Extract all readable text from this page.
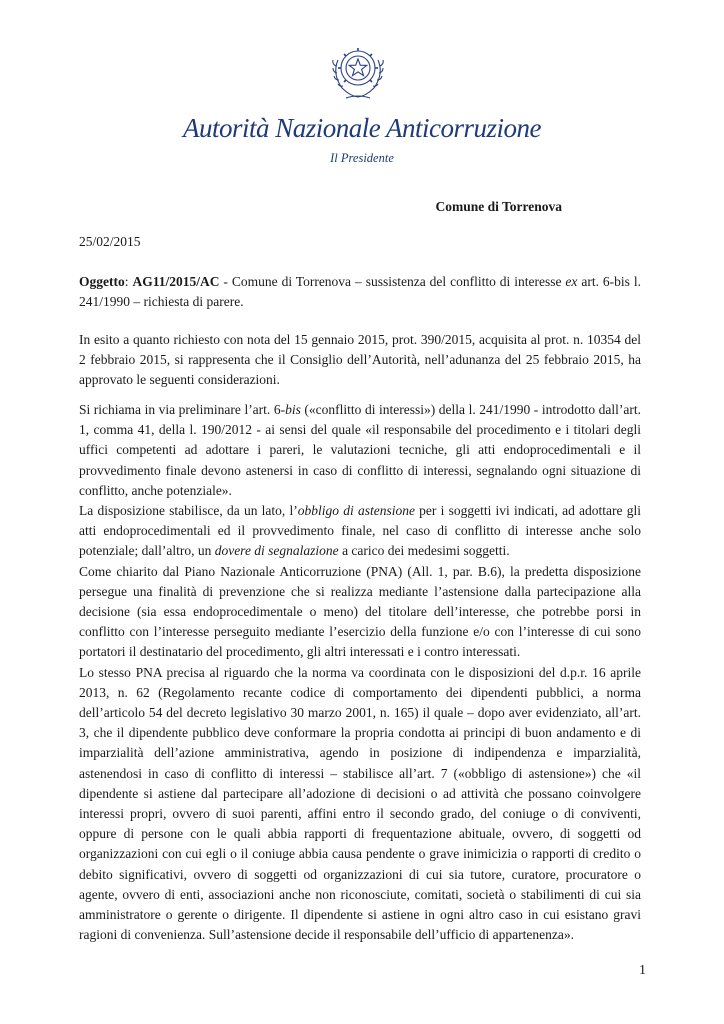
Autorità Nazionale Anticorruzione
Il Presidente
Comune di Torrenova
25/02/2015

Oggetto: AG11/2015/AC - Comune di Torrenova – sussistenza del conflitto di interesse ex art. 6-bis l. 241/1990 – richiesta di parere.

In esito a quanto richiesto con nota del 15 gennaio 2015, prot. 390/2015, acquisita al prot. n. 10354 del 2 febbraio 2015, si rappresenta che il Consiglio dell’Autorità, nell’adunanza del 25 febbraio 2015, ha approvato le seguenti considerazioni.

Si richiama in via preliminare l’art. 6-bis («conflitto di interessi») della l. 241/1990 - introdotto dall’art. 1, comma 41, della l. 190/2012 - ai sensi del quale «il responsabile del procedimento e i titolari degli uffici competenti ad adottare i pareri, le valutazioni tecniche, gli atti endoprocedimentali e il provvedimento finale devono astenersi in caso di conflitto di interessi, segnalando ogni situazione di conflitto, anche potenziale».

La disposizione stabilisce, da un lato, l’obbligo di astensione per i soggetti ivi indicati, ad adottare gli atti endoprocedimentali ed il provvedimento finale, nel caso di conflitto di interesse anche solo potenziale; dall’altro, un dovere di segnalazione a carico dei medesimi soggetti.

Come chiarito dal Piano Nazionale Anticorruzione (PNA) (All. 1, par. B.6), la predetta disposizione persegue una finalità di prevenzione che si realizza mediante l’astensione dalla partecipazione alla decisione (sia essa endoprocedimentale o meno) del titolare dell’interesse, che potrebbe porsi in conflitto con l’interesse perseguito mediante l’esercizio della funzione e/o con l’interesse di cui sono portatori il destinatario del procedimento, gli altri interessati e i contro interessati.

Lo stesso PNA precisa al riguardo che la norma va coordinata con le disposizioni del d.p.r. 16 aprile 2013, n. 62 (Regolamento recante codice di comportamento dei dipendenti pubblici, a norma dell’articolo 54 del decreto legislativo 30 marzo 2001, n. 165) il quale – dopo aver evidenziato, all’art. 3, che il dipendente pubblico deve conformare la propria condotta ai principi di buon andamento e di imparzialità dell’azione amministrativa, agendo in posizione di indipendenza e imparzialità, astenendosi in caso di conflitto di interessi – stabilisce all’art. 7 («obbligo di astensione») che «il dipendente si astiene dal partecipare all’adozione di decisioni o ad attività che possano coinvolgere interessi propri, ovvero di suoi parenti, affini entro il secondo grado, del coniuge o di conviventi, oppure di persone con le quali abbia rapporti di frequentazione abituale, ovvero, di soggetti od organizzazioni con cui egli o il coniuge abbia causa pendente o grave inimicizia o rapporti di credito o debito significativi, ovvero di soggetti od organizzazioni di cui sia tutore, curatore, procuratore o agente, ovvero di enti, associazioni anche non riconosciute, comitati, società o stabilimenti di cui sia amministratore o gerente o dirigente. Il dipendente si astiene in ogni altro caso in cui esistano gravi ragioni di convenienza. Sull’astensione decide il responsabile dell’ufficio di appartenenza».

1
